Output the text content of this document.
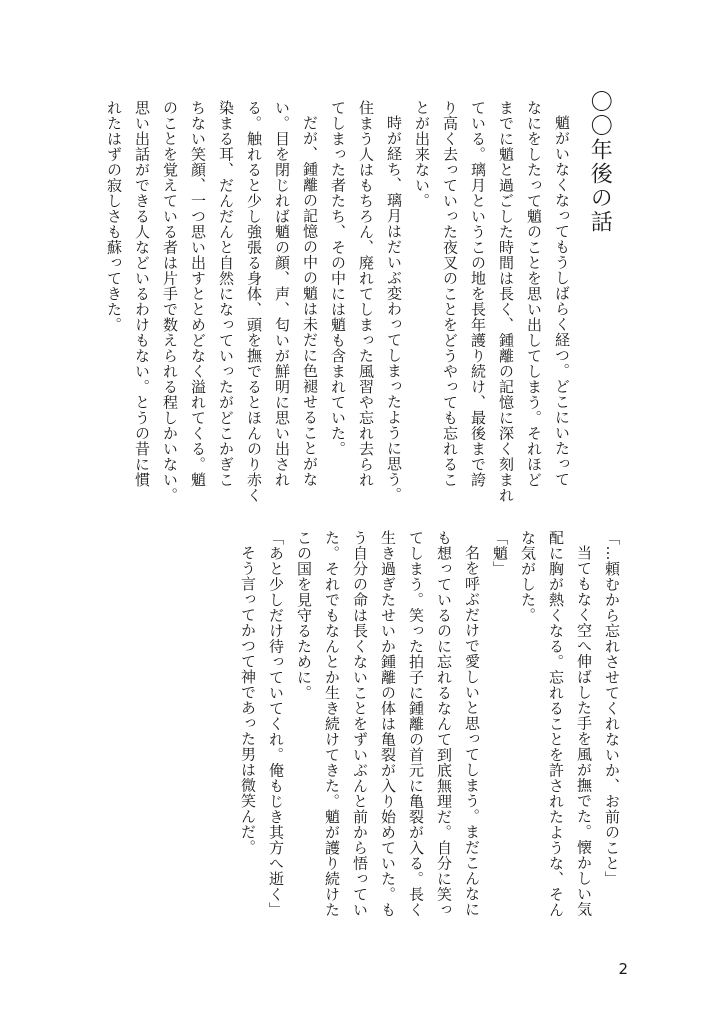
〇〇年後の話

魈がいなくなってもうしばらく経つ。どこにいたって

なにをしたって魈のことを思い出してしまう。それほど

までに魈と過ごした時間は長く、鍾離の記憶に深く刻まれ

ている。璃月というこの地を長年護り続け、最後まで誇

り高く去っていった夜叉のことをどうやっても忘れるこ

とが出来ない。

時が経ち、璃月はだいぶ変わってしまったように思う。

住まう人はもちろん、廃れてしまった風習や忘れ去られ

てしまった者たち、その中には魈も含まれていた。

だが、鍾離の記憶の中の魈は未だに色褪せることがな

い。目を閉じれば魈の顔、声、匂いが鮮明に思い出され

る。触れると少し強張る身体、頭を撫でるとほんのり赤く

染まる耳、だんだんと自然になっていったがどこかぎこ

ちない笑顔、一つ思い出すととめどなく溢れてくる。魈

のことを覚えている者は片手で数えられる程しかいない。

思い出話ができる人などいるわけもない。とうの昔に慣

れたはずの寂しさも蘇ってきた。

「…頼むから忘れさせてくれないか、お前のこと」

当てもなく空へ伸ばした手を風が撫でた。懐かしい気

配に胸が熱くなる。忘れることを許されたような、そん

な気がした。

「魈」

名を呼ぶだけで愛しいと思ってしまう。まだこんなに

も想っているのに忘れるなんて到底無理だ。自分に笑っ

てしまう。笑った拍子に鍾離の首元に亀裂が入る。長く

生き過ぎたせいか鍾離の体は亀裂が入り始めていた。も

う自分の命は長くないことをずいぶんと前から悟ってい

た。それでもなんとか生き続けてきた。魈が護り続けた

この国を見守るために。

「あと少しだけ待っていてくれ。俺もじき其方へ逝く」

そう言ってかつて神であった男は微笑んだ。

2
